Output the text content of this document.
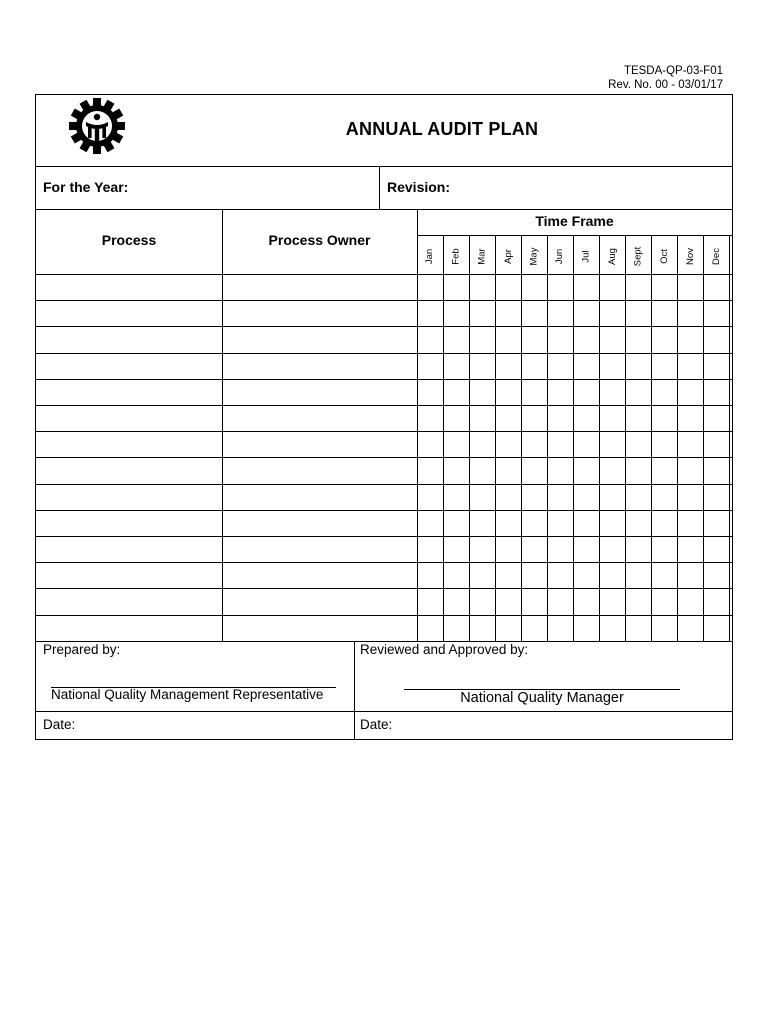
TESDA-QP-03-F01
Rev. No. 00 - 03/01/17
ANNUAL AUDIT PLAN
For the Year:	Revision:
Process	Process Owner
Time Frame
Jan Feb Mar Apr May Jun Jul Aug Sept Oct Nov Dec
Prepared by:
National Quality Management Representative
Reviewed and Approved by:
National Quality Manager
Date:	Date:
